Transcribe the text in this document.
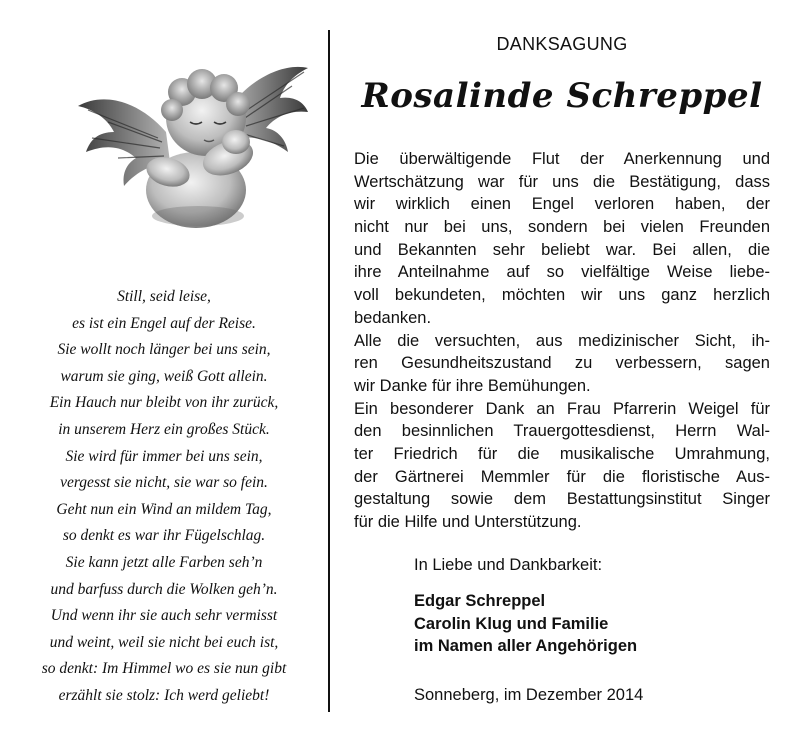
Still, seid leise,
es ist ein Engel auf der Reise.
Sie wollt noch länger bei uns sein,
warum sie ging, weiß Gott allein.
Ein Hauch nur bleibt von ihr zurück,
in unserem Herz ein großes Stück.
Sie wird für immer bei uns sein,
vergesst sie nicht, sie war so fein.
Geht nun ein Wind an mildem Tag,
so denkt es war ihr Fügelschlag.
Sie kann jetzt alle Farben seh’n
und barfuss durch die Wolken geh’n.
Und wenn ihr sie auch sehr vermisst
und weint, weil sie nicht bei euch ist,
so denkt: Im Himmel wo es sie nun gibt
erzählt sie stolz: Ich werd geliebt!
DANKSAGUNG
Rosalinde Schreppel
Die überwältigende Flut der Anerkennung und
Wertschätzung war für uns die Bestätigung, dass
wir wirklich einen Engel verloren haben, der
nicht nur bei uns, sondern bei vielen Freunden
und Bekannten sehr beliebt war. Bei allen, die
ihre Anteilnahme auf so vielfältige Weise liebe-
voll bekundeten, möchten wir uns ganz herzlich
bedanken.
Alle die versuchten, aus medizinischer Sicht, ih-
ren Gesundheitszustand zu verbessern, sagen
wir Danke für ihre Bemühungen.
Ein besonderer Dank an Frau Pfarrerin Weigel für
den besinnlichen Trauergottesdienst, Herrn Wal-
ter Friedrich für die musikalische Umrahmung,
der Gärtnerei Memmler für die floristische Aus-
gestaltung sowie dem Bestattungsinstitut Singer
für die Hilfe und Unterstützung.
In Liebe und Dankbarkeit:
Edgar Schreppel
Carolin Klug und Familie
im Namen aller Angehörigen
Sonneberg, im Dezember 2014
